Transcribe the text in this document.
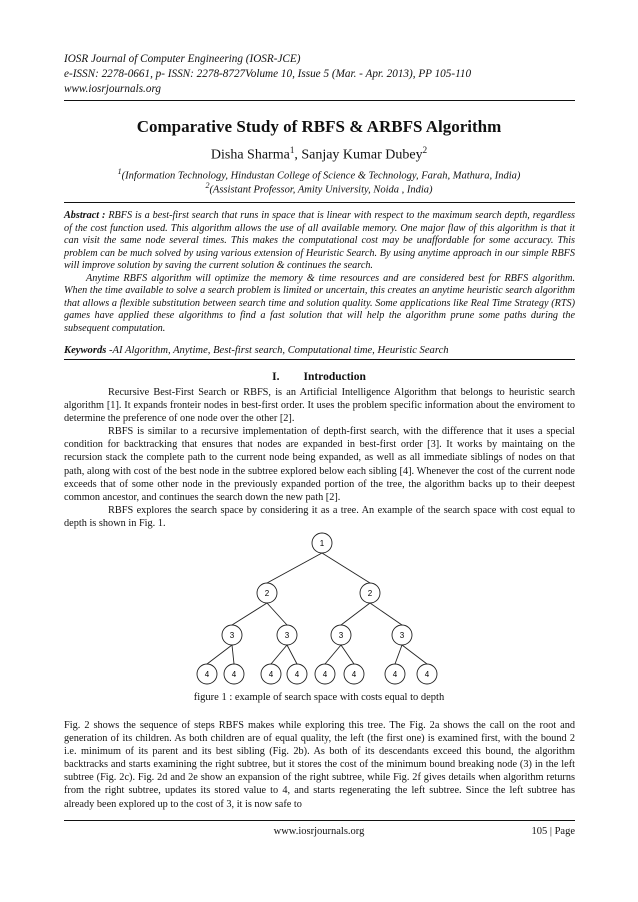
IOSR Journal of Computer Engineering (IOSR-JCE)
e-ISSN: 2278-0661, p- ISSN: 2278-8727Volume 10, Issue 5 (Mar. - Apr. 2013), PP 105-110
www.iosrjournals.org
Comparative Study of RBFS & ARBFS Algorithm
Disha Sharma$^1$, Sanjay Kumar Dubey$^2$
$^1$(Information Technology, Hindustan College of Science & Technology, Farah, Mathura, India)
$^2$(Assistant Professor, Amity University, Noida , India)

Abstract : RBFS is a best-first search that runs in space that is linear with respect to the maximum search depth, regardless of the cost function used. This algorithm allows the use of all available memory. One major flaw of this algorithm is that it can visit the same node several times. This makes the computational cost may be unaffordable for some accuracy. This problem can be much solved by using various extension of Heuristic Search. By using anytime approach in our simple RBFS will improve solution by saving the current solution & continues the search.

Anytime RBFS algorithm will optimize the memory & time resources and are considered best for RBFS algorithm. When the time available to solve a search problem is limited or uncertain, this creates an anytime heuristic search algorithm that allows a flexible substitution between search time and solution quality. Some applications like Real Time Strategy (RTS) games have applied these algorithms to find a fast solution that will help the algorithm prune some paths during the subsequent computation.

Keywords -AI Algorithm, Anytime, Best-first search, Computational time, Heuristic Search
I. Introduction

Recursive Best-First Search or RBFS, is an Artificial Intelligence Algorithm that belongs to heuristic search algorithm [1]. It expands fronteir nodes in best-first order. It uses the problem specific information about the enviroment to determine the preference of one node over the other [2].

RBFS is similar to a recursive implementation of depth-first search, with the difference that it uses a special condition for backtracking that ensures that nodes are expanded in best-first order [3]. It works by maintaing on the recursion stack the complete path to the current node being expanded, as well as all immediate siblings of nodes on that path, along with cost of the best node in the subtree explored below each sibling [4]. Whenever the cost of the current node exceeds that of some other node in the previously expanded portion of the tree, the algorithm backs up to their deepest common ancestor, and continues the search down the new path [2].

RBFS explores the search space by considering it as a tree. An example of the search space with cost equal to depth is shown in Fig. 1.

1
2	2
3	3	3	3
4	4	4	4	4	4	4	4
figure 1 : example of search space with costs equal to depth

Fig. 2 shows the sequence of steps RBFS makes while exploring this tree. The Fig. 2a shows the call on the root and generation of its children. As both children are of equal quality, the left (the first one) is examined first, with the bound 2 i.e. minimum of its parent and its best sibling (Fig. 2b). As both of its descendants exceed this bound, the algorithm backtracks and starts examining the right subtree, but it stores the cost of the minimum bound breaking node (3) in the left subtree (Fig. 2c). Fig. 2d and 2e show an expansion of the right subtree, while Fig. 2f gives details when algorithm returns from the right subtree, updates its stored value to 4, and starts regenerating the left subtree. Since the left subtree has already been explored up to the cost of 3, it is now safe to

www.iosrjournals.org	105 | Page
